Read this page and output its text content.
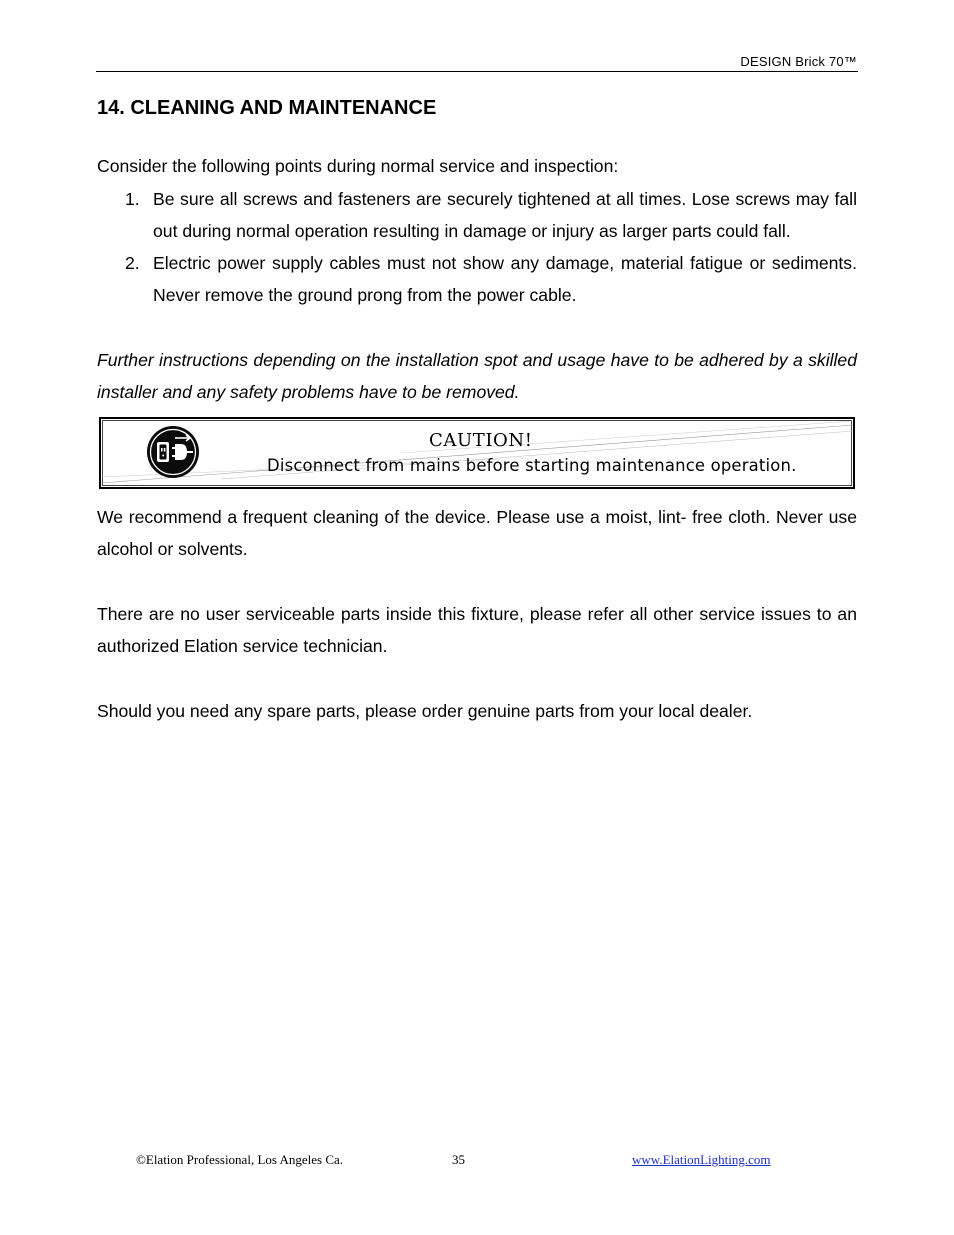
DESIGN Brick 70™
14. CLEANING AND MAINTENANCE

Consider the following points during normal service and inspection:

1. Be sure all screws and fasteners are securely tightened at all times. Lose screws may fall out during normal operation resulting in damage or injury as larger parts could fall.
2. Electric power supply cables must not show any damage, material fatigue or sediments. Never remove the ground prong from the power cable.

Further instructions depending on the installation spot and usage have to be adhered by a skilled installer and any safety problems have to be removed.

CAUTION!
Disconnect from mains before starting maintenance operation.

We recommend a frequent cleaning of the device. Please use a moist, lint- free cloth. Never use alcohol or solvents.

There are no user serviceable parts inside this fixture, please refer all other service issues to an authorized Elation service technician.

Should you need any spare parts, please order genuine parts from your local dealer.

©Elation Professional, Los Angeles Ca.	35	www.ElationLighting.com
